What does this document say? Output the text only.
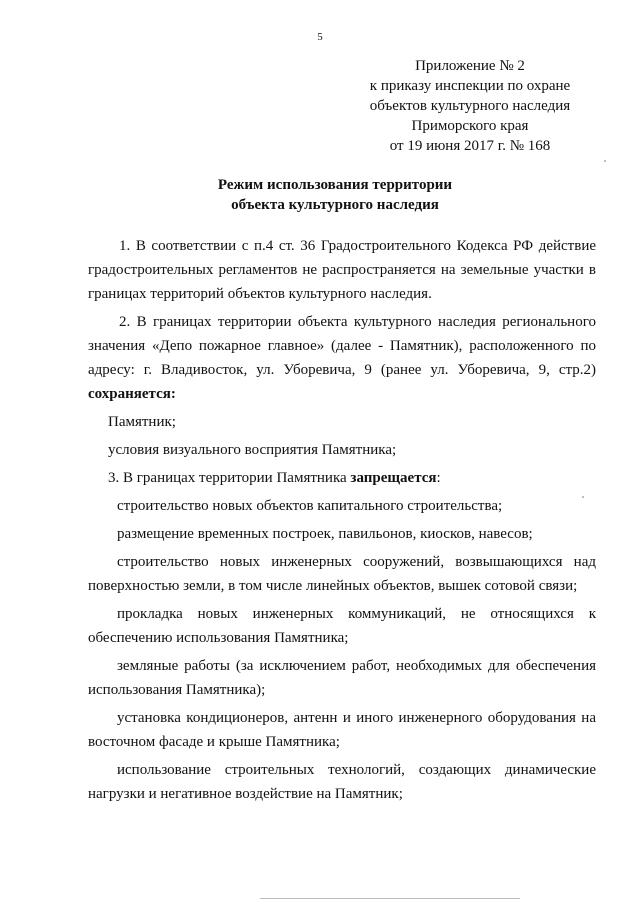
5
Приложение № 2
к приказу инспекции по охране
объектов культурного наследия
Приморского края
от 19 июня 2017 г. № 168
Режим использования территории
объекта культурного наследия

1. В соответствии с п.4 ст. 36 Градостроительного Кодекса РФ действие градостроительных регламентов не распространяется на земельные участки в границах территорий объектов культурного наследия.

2. В границах территории объекта культурного наследия регионального значения «Депо пожарное главное» (далее - Памятник), расположенного по адресу: г. Владивосток, ул. Уборевича, 9 (ранее ул. Уборевича, 9, стр.2) сохраняется:

Памятник;

условия визуального восприятия Памятника;

3. В границах территории Памятника запрещается:

строительство новых объектов капитального строительства;

размещение временных построек, павильонов, киосков, навесов;

строительство новых инженерных сооружений, возвышающихся над поверхностью земли, в том числе линейных объектов, вышек сотовой связи;

прокладка новых инженерных коммуникаций, не относящихся к обеспечению использования Памятника;

земляные работы (за исключением работ, необходимых для обеспечения использования Памятника);

установка кондиционеров, антенн и иного инженерного оборудования на восточном фасаде и крыше Памятника;

использование строительных технологий, создающих динамические нагрузки и негативное воздействие на Памятник;
